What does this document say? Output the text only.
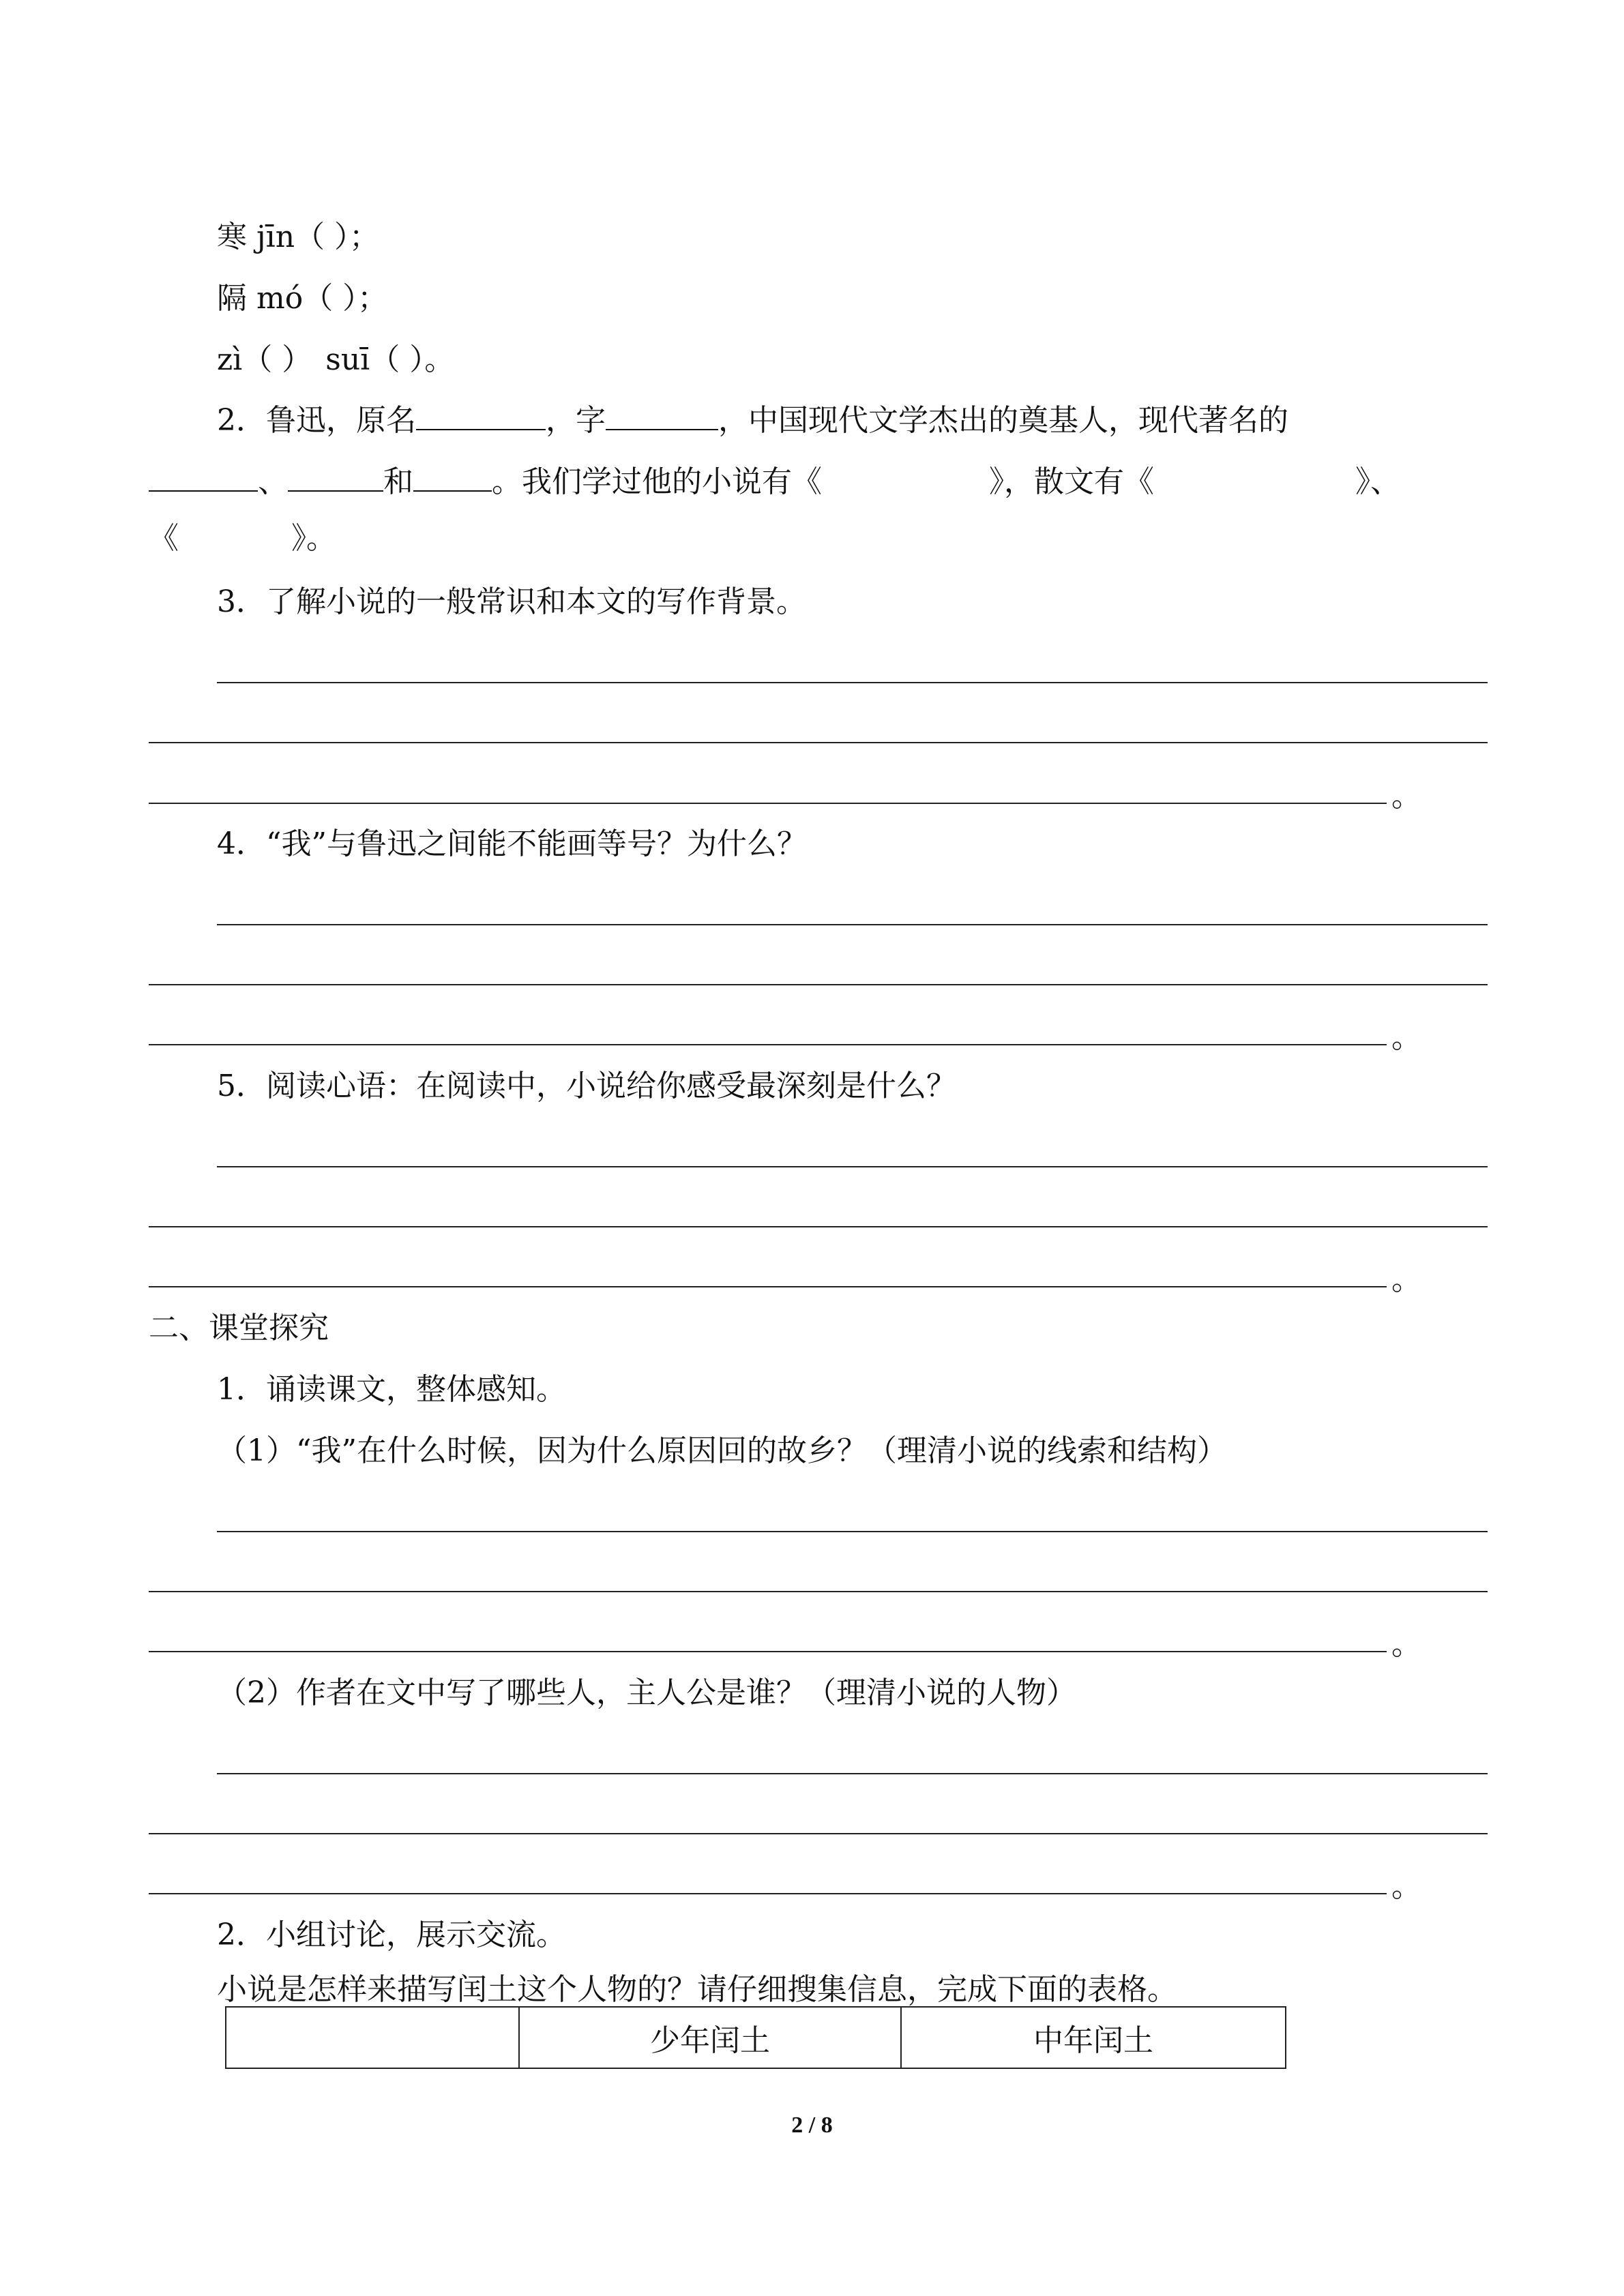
寒 jīn（ ）；
隔 mó（ ）；
zì（ ） suī（ ）。
2．鲁迅，原名	，字	，中国现代文学杰出的奠基人，现代著名的
、	和	。我们学过他的小说有《	》，散文有《	》、
《	》。
3．了解小说的一般常识和本文的写作背景。
。
4．“我”与鲁迅之间能不能画等号？为什么？
。
5．阅读心语：在阅读中，小说给你感受最深刻是什么？
。
二、课堂探究
1．诵读课文，整体感知。
（1）“我”在什么时候，因为什么原因回的故乡？（理清小说的线索和结构）
。
（2）作者在文中写了哪些人，主人公是谁？（理清小说的人物）
。
2．小组讨论，展示交流。
小说是怎样来描写闰土这个人物的？请仔细搜集信息，完成下面的表格。
	少年闰土	中年闰土
2 / 8
